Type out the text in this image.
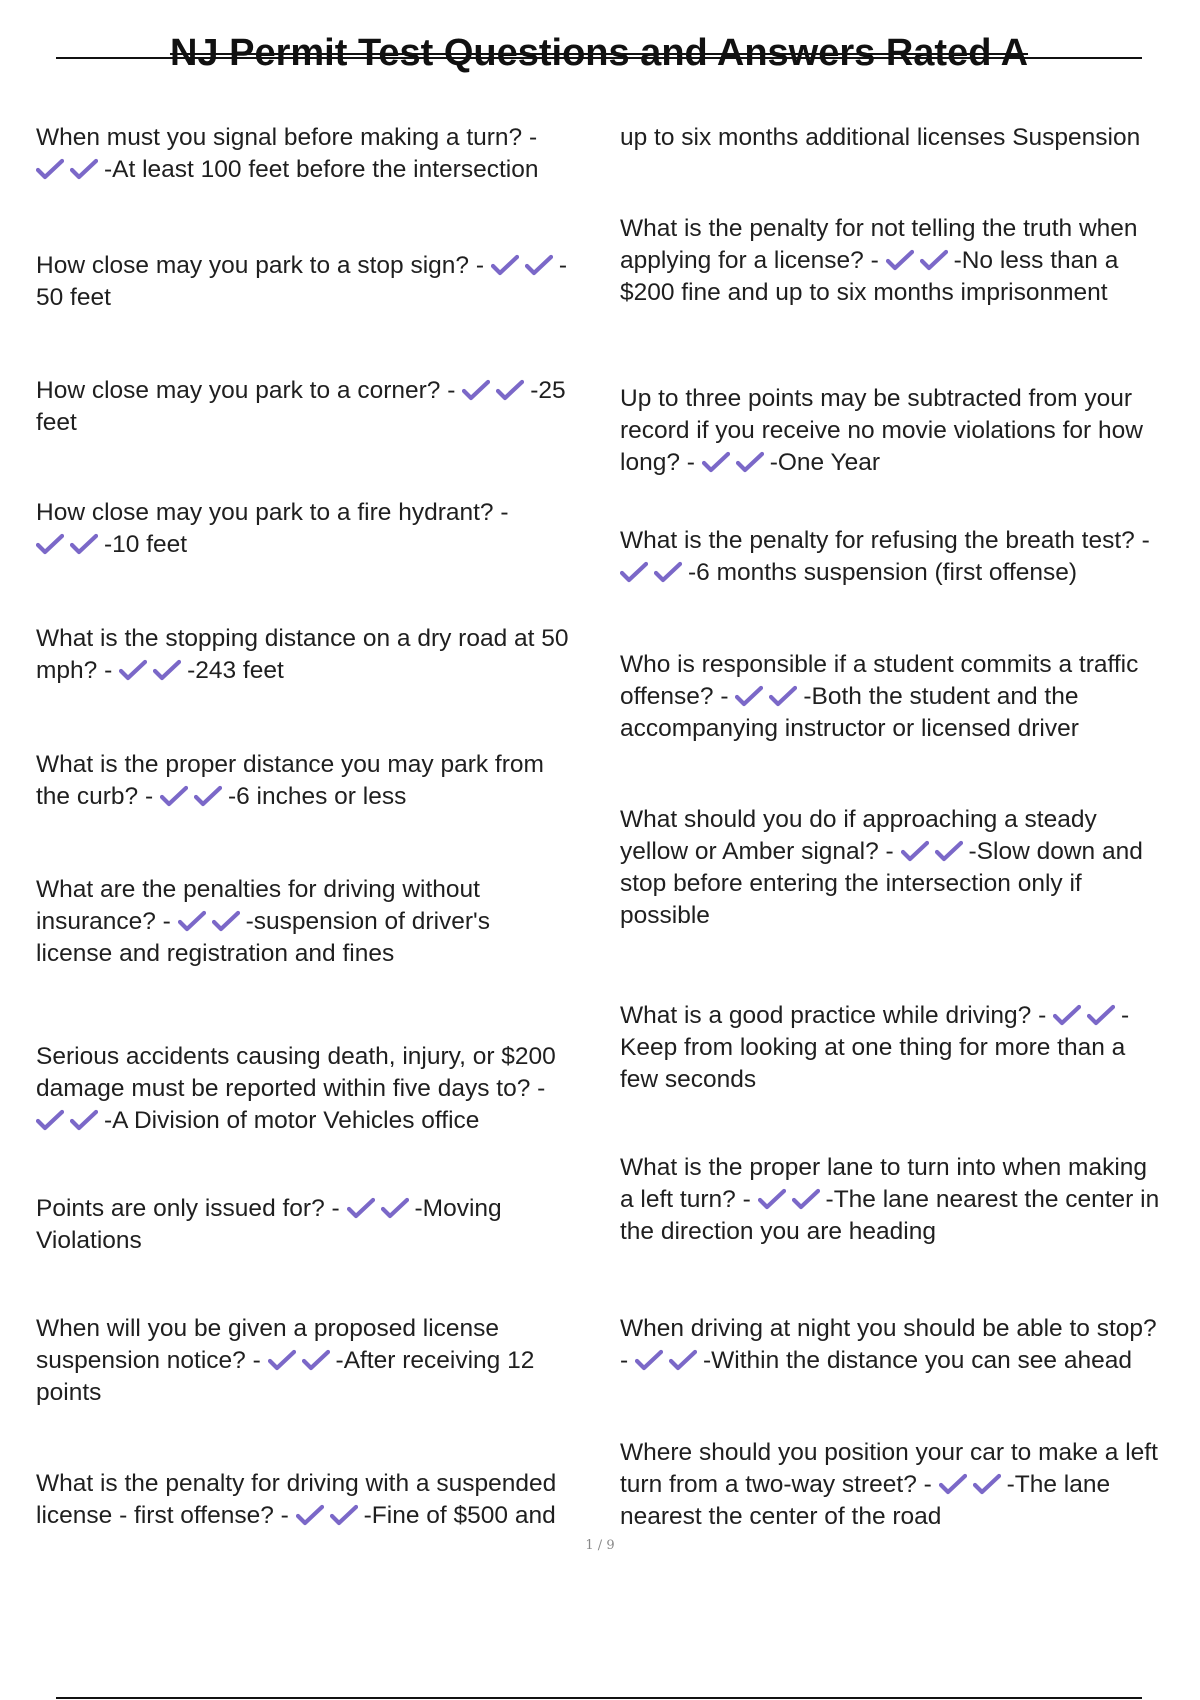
NJ Permit Test Questions and Answers Rated A
When must you signal before making a turn? -
-At least 100 feet before the intersection
How close may you park to a stop sign? -	-
50 feet
How close may you park to a corner? -	-25
feet
How close may you park to a fire hydrant? -
-10 feet
What is the stopping distance on a dry road at 50
mph? -	-243 feet
What is the proper distance you may park from
the curb? -	-6 inches or less
What are the penalties for driving without
insurance? -	-suspension of driver's
license and registration and fines
Serious accidents causing death, injury, or $200
damage must be reported within five days to? -
-A Division of motor Vehicles office
Points are only issued for? -	-Moving
Violations
When will you be given a proposed license
suspension notice? -	-After receiving 12
points
What is the penalty for driving with a suspended
license - first offense? -	-Fine of $500 and
up to six months additional licenses Suspension
What is the penalty for not telling the truth when
applying for a license? -	-No less than a
$200 fine and up to six months imprisonment
Up to three points may be subtracted from your
record if you receive no movie violations for how
long? -	-One Year
What is the penalty for refusing the breath test? -
-6 months suspension (first offense)
Who is responsible if a student commits a traffic
offense? -	-Both the student and the
accompanying instructor or licensed driver
What should you do if approaching a steady
yellow or Amber signal? -	-Slow down and
stop before entering the intersection only if
possible
What is a good practice while driving? -	-
Keep from looking at one thing for more than a
few seconds
What is the proper lane to turn into when making
a left turn? -	-The lane nearest the center in
the direction you are heading
When driving at night you should be able to stop?
-	-Within the distance you can see ahead
Where should you position your car to make a left
turn from a two-way street? -	-The lane
nearest the center of the road
1 / 9
